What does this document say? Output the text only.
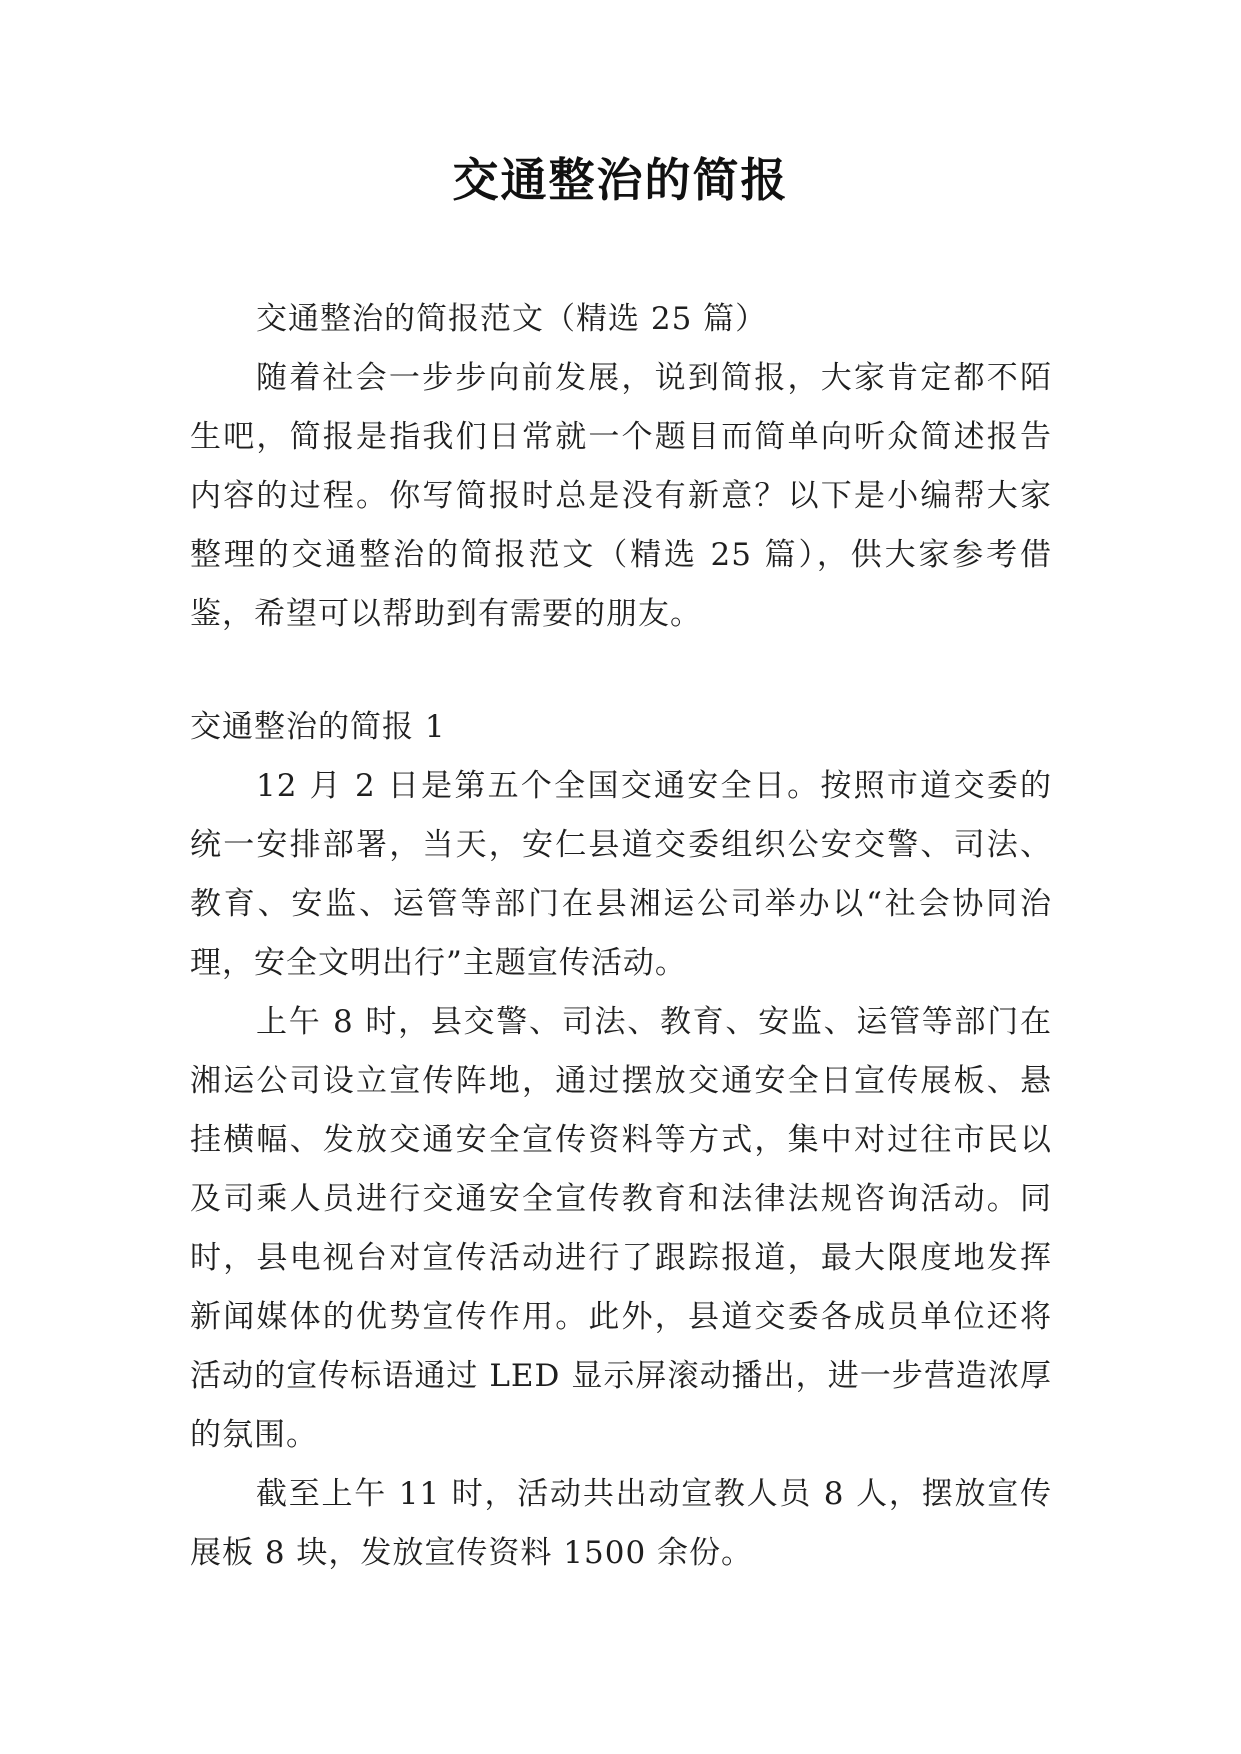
交通整治的简报
交通整治的简报范文（精选 25 篇）

随着社会一步步向前发展，说到简报，大家肯定都不陌生吧，简报是指我们日常就一个题目而简单向听众简述报告内容的过程。你写简报时总是没有新意？以下是小编帮大家整理的交通整治的简报范文（精选 25 篇），供大家参考借鉴，希望可以帮助到有需要的朋友。

交通整治的简报 1

12 月 2 日是第五个全国交通安全日。按照市道交委的统一安排部署，当天，安仁县道交委组织公安交警、司法、教育、安监、运管等部门在县湘运公司举办以“社会协同治理，安全文明出行”主题宣传活动。

上午 8 时，县交警、司法、教育、安监、运管等部门在湘运公司设立宣传阵地，通过摆放交通安全日宣传展板、悬挂横幅、发放交通安全宣传资料等方式，集中对过往市民以及司乘人员进行交通安全宣传教育和法律法规咨询活动。同时，县电视台对宣传活动进行了跟踪报道，最大限度地发挥新闻媒体的优势宣传作用。此外，县道交委各成员单位还将活动的宣传标语通过 LED 显示屏滚动播出，进一步营造浓厚的氛围。

截至上午 11 时，活动共出动宣教人员 8 人，摆放宣传展板 8 块，发放宣传资料 1500 余份。
